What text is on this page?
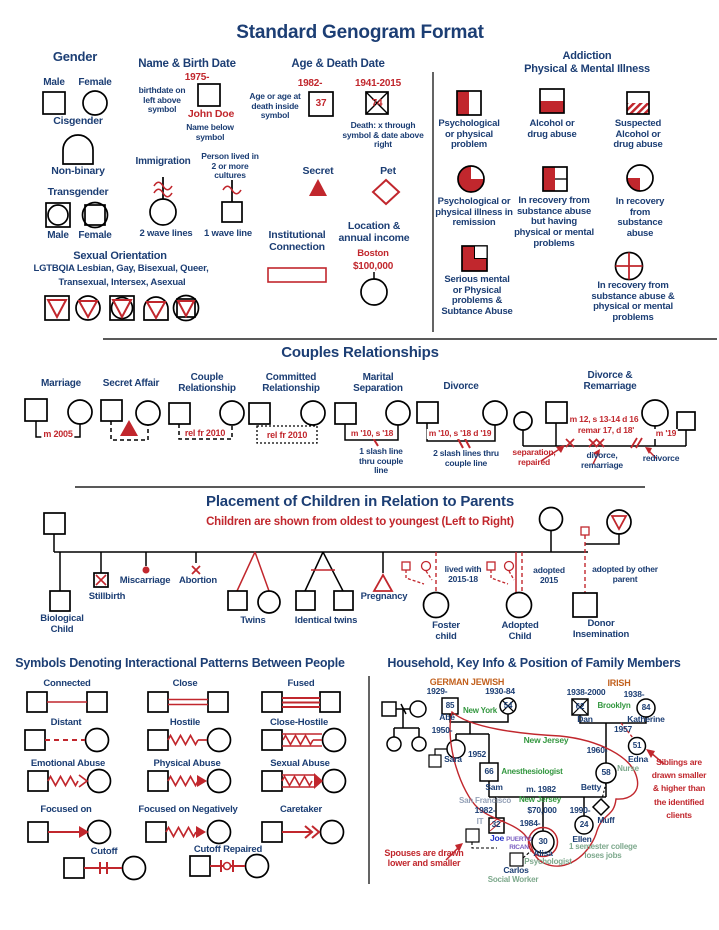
Standard Genogram Format
Gender
Male Female
Cisgender
Non-binary
Transgender
Male Female
Name & Birth Date
1975-
birthdate on left above symbol	John Doe
Name below symbol
Age & Death Date
1982-
37
Age or age at death inside symbol
1941-2015
74
Death: x through symbol & date above right
Immigration	Person lived in 2 or more cultures
2 wave lines 1 wave line
Secret	Pet
Institutional Connection
Location & annual income
Boston
$100,000
Sexual Orientation
LGTBQIA Lesbian, Gay, Bisexual, Queer,
Transexual, Intersex, Asexual
Addiction
Physical & Mental Illness
Psychological or physical problem
Alcohol or drug abuse
Suspected Alcohol or drug abuse
Psychological or physical illness in remission
In recovery from substance abuse but having physical or mental problems
In recovery from substance abuse
Serious mental or Physical problems & Subtance Abuse
In recovery from substance abuse & physical or mental problems
Couples Relationships
Marriage
m 2005
Secret Affair
Couple Relationship
rel fr 2010
Committed Relationship
rel fr 2010
Marital Separation
m '10, s '18
1 slash line thru couple line
Divorce
m '10, s '18 d '19
2 slash lines thru couple line
Divorce & Remarriage
m 12, s 13-14 d 16
remar 17, d 18'	m '19
separation, repaired
divorce, remarriage
redivorce
Placement of Children in Relation to Parents
Children are shown from oldest to youngest (Left to Right)
Biological Child
Stillbirth
Miscarriage Abortion
Twins	Identical twins
Pregnancy
lived with 2015-18
Foster child
adopted 2015
Adopted Child
adopted by other parent
Donor Insemination
Symbols Denoting Interactional Patterns Between People
Connected	Close	Fused
Distant	Hostile	Close-Hostile
Emotional Abuse	Physical Abuse	Sexual Abuse
Focused on	Focused on Negatively	Caretaker
Cutoff	Cutoff Repaired
Household, Key Info & Position of Family Members
GERMAN JEWISH	IRISH
1929-
85
Abe
New York
1930-84
54
1938-2000
62
Dan
Brooklyn
1938-
84
Katherine
1950-
Sara 1952
1957
51
Edna
Nurse
1960-
58
Betty
New Jersey
66
Sam
Anesthesiologist
m. 1982
San Francisco New Jersey
$70,000
1982-
IT 32
Joe PUERTO RICAN
1984-
30
Alisa
Psychologist
Carlos
Social Worker
1990-
24
Ellen
1 semester college loses jobs
Muff
Siblings are drawn smaller & higher than the identified clients
Spouses are drawn lower and smaller
